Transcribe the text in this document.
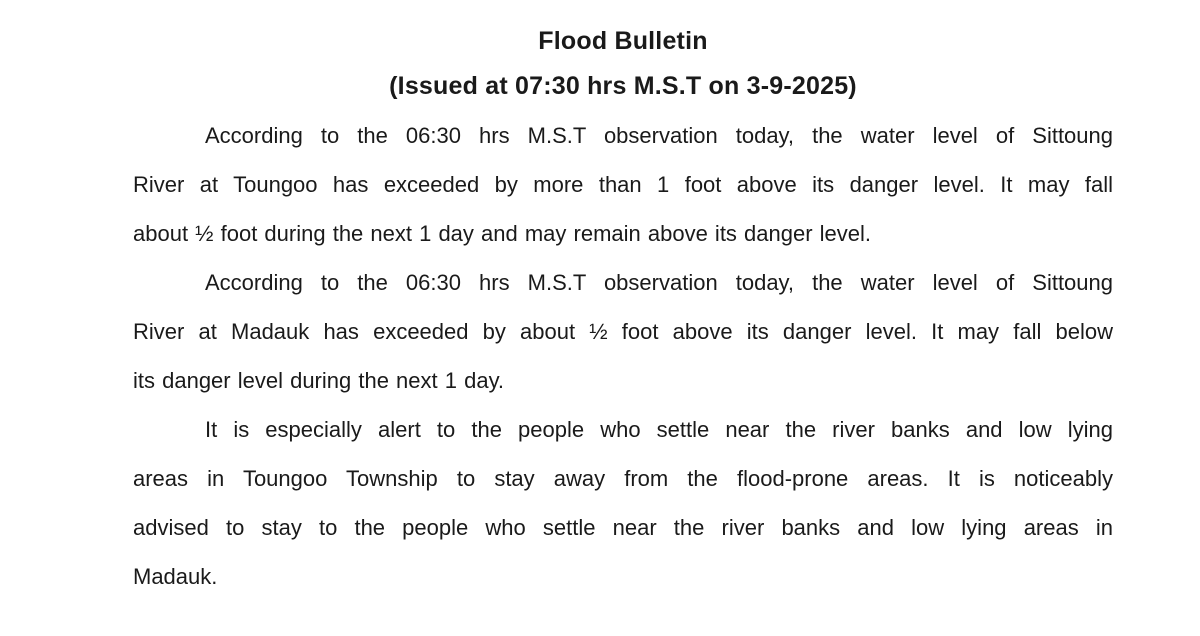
Flood Bulletin
(Issued at 07:30 hrs M.S.T on 3-9-2025)
According to the 06:30 hrs M.S.T observation today, the water level of Sittoung
River at Toungoo has exceeded by more than 1 foot above its danger level. It may fall
about ½ foot during the next 1 day and may remain above its danger level.
According to the 06:30 hrs M.S.T observation today, the water level of Sittoung
River at Madauk has exceeded by about ½ foot above its danger level. It may fall below
its danger level during the next 1 day.
It is especially alert to the people who settle near the river banks and low lying
areas in Toungoo Township to stay away from the flood-prone areas. It is noticeably
advised to stay to the people who settle near the river banks and low lying areas in
Madauk.
